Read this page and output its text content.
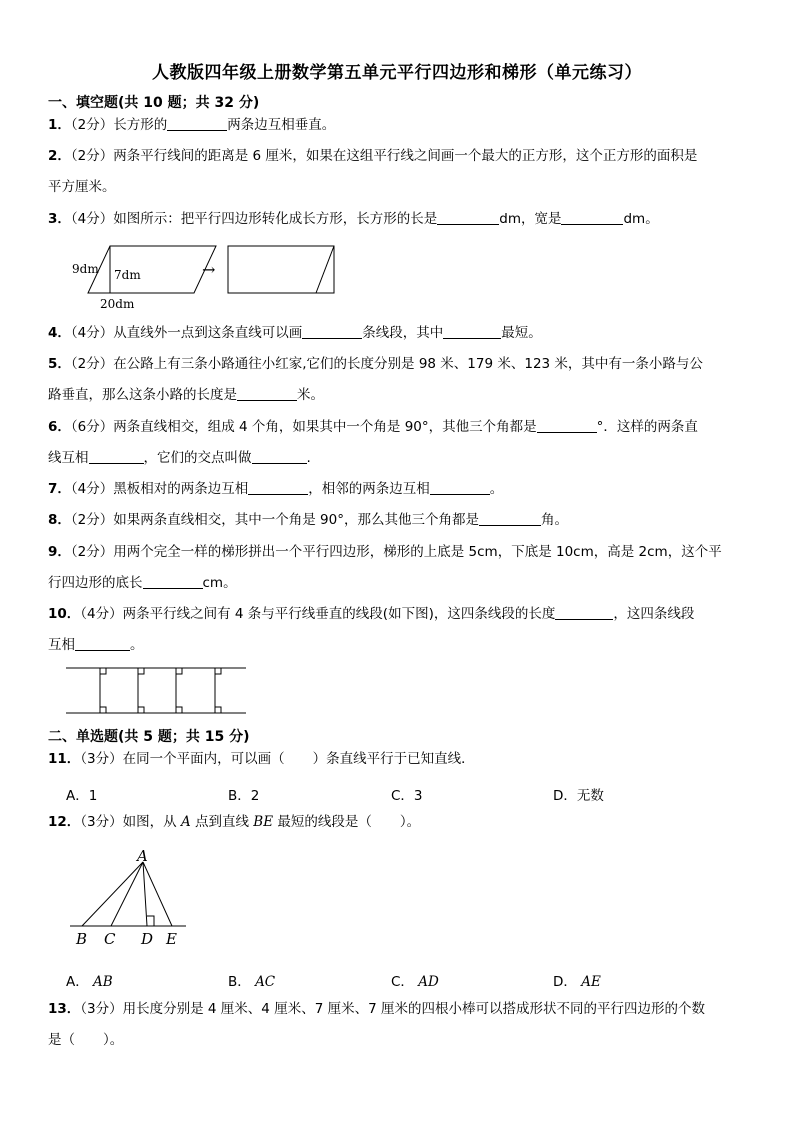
人教版四年级上册数学第五单元平行四边形和梯形（单元练习）
一、填空题(共 10 题；共 32 分)
1．（2分）长方形的	两条边互相垂直。
2．（2分）两条平行线间的距离是 6 厘米，如果在这组平行线之间画一个最大的正方形，这个正方形的面积是
平方厘米。
3．（4分）如图所示：把平行四边形转化成长方形，长方形的长是	dm，宽是	dm。
9dm 7dm
20dm
→
4．（4分）从直线外一点到这条直线可以画	条线段，其中	最短。
5．（2分）在公路上有三条小路通往小红家,它们的长度分别是 98 米、179 米、123 米，其中有一条小路与公
路垂直，那么这条小路的长度是	米。
6．（6分）两条直线相交，组成 4 个角，如果其中一个角是 90°，其他三个角都是	°．这样的两条直
线互相	，它们的交点叫做	.
7．（4分）黑板相对的两条边互相	，相邻的两条边互相	。
8．（2分）如果两条直线相交，其中一个角是 90°，那么其他三个角都是	角。
9．（2分）用两个完全一样的梯形拼出一个平行四边形，梯形的上底是 5cm，下底是 10cm，高是 2cm，这个平
行四边形的底长	cm。
10．（4分）两条平行线之间有 4 条与平行线垂直的线段(如下图)，这四条线段的长度	，这四条线段
互相	。
二、单选题(共 5 题；共 15 分)
11．（3分）在同一个平面内，可以画（ ）条直线平行于已知直线．
A．1	B．2	C．3	D．无数
12．（3分）如图，从 A 点到直线 BE 最短的线段是（ ）。
A
B C D E
A． AB	B． AC	C． AD	D． AE
13．（3分）用长度分别是 4 厘米、4 厘米、7 厘米、7 厘米的四根小棒可以搭成形状不同的平行四边形的个数
是（ ）。
